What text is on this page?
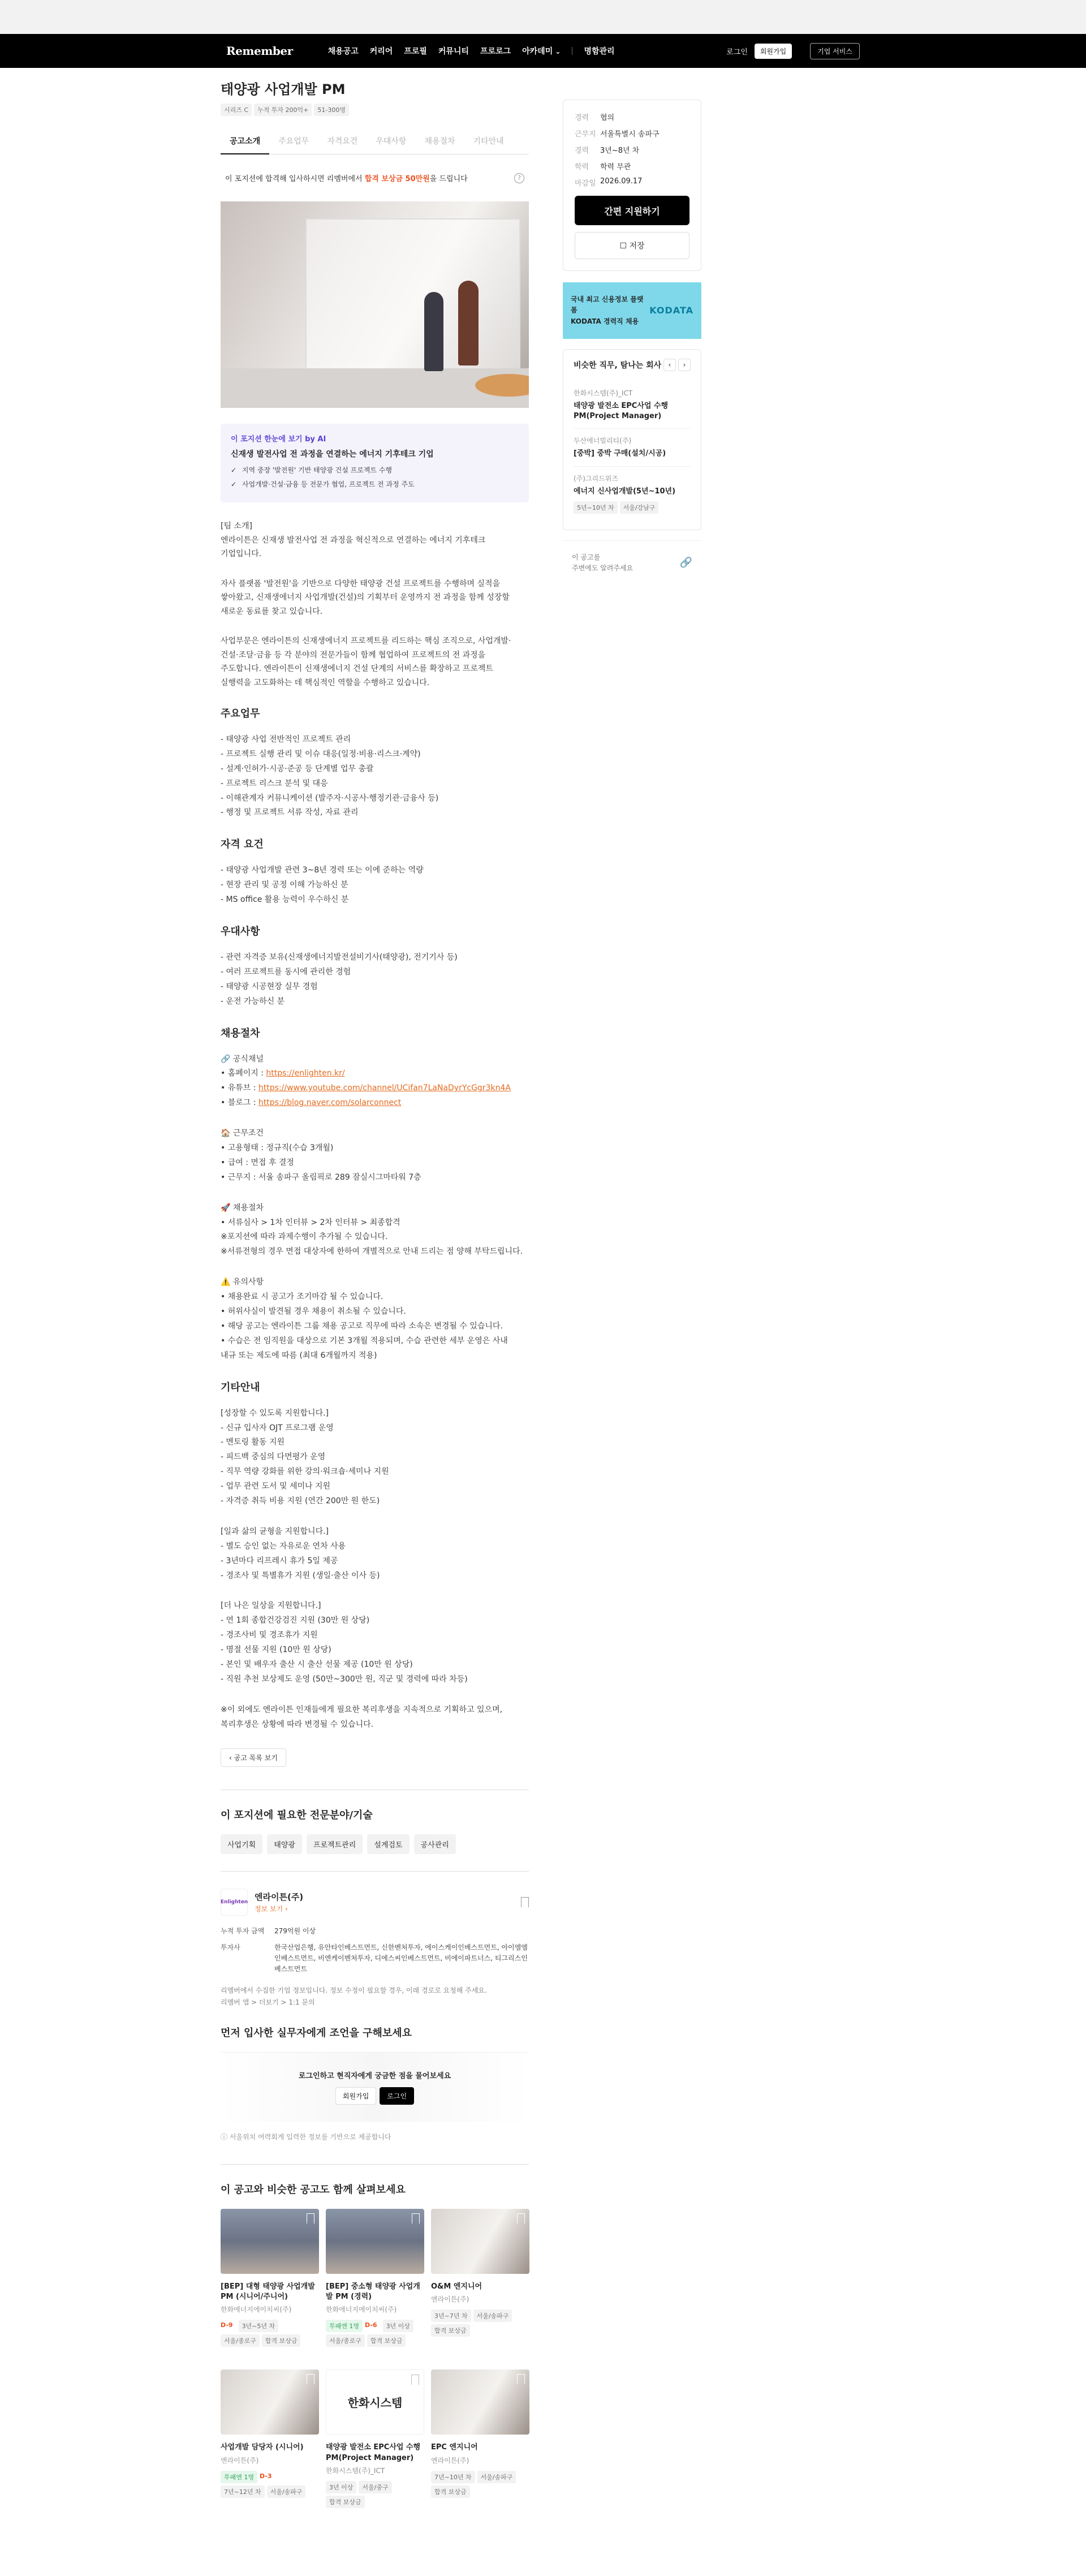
Remember	채용공고 커리어 프로필 커뮤니티 프로로그 아카데미 ⌄	명함관리	로그인	회원가입	기업 서비스
태양광 사업개발 PM
시리즈 C	누적 투자 200억+	51-300명
공고소개	주요업무	자격요건	우대사항	채용절차	기타안내
이 포지션에 합격해 입사하시면 리멤버에서 합격 보상금 50만원을 드립니다	?
이 포지션 한눈에 보기 by AI
신재생 발전사업 전 과정을 연결하는 에너지 기후테크 기업
✓ 지역 중장 '발전원' 기반 태양광 건설 프로젝트 수행
✓ 사업개발·건설·금융 등 전문가 협업, 프로젝트 전 과정 주도
[팀 소개]
엔라이튼은 신재생 발전사업 전 과정을 혁신적으로 연결하는 에너지 기후테크
기업입니다.
자사 플랫폼 '발전원'을 기반으로 다양한 태양광 건설 프로젝트를 수행하며 실적을
쌓아왔고, 신재생에너지 사업개발(건설)의 기획부터 운영까지 전 과정을 함께 성장할
새로운 동료를 찾고 있습니다.
사업부문은 엔라이튼의 신재생에너지 프로젝트를 리드하는 핵심 조직으로, 사업개발·
건설·조달·금융 등 각 분야의 전문가들이 함께 협업하여 프로젝트의 전 과정을
주도합니다. 엔라이튼이 신재생에너지 건설 단계의 서비스를 확장하고 프로젝트
실행력을 고도화하는 데 핵심적인 역할을 수행하고 있습니다.
주요업무
- 태양광 사업 전반적인 프로젝트 관리
- 프로젝트 실행 관리 및 이슈 대응(일정·비용·리스크·계약)
- 설계·인허가·시공·준공 등 단계별 업무 총괄
- 프로젝트 리스크 분석 및 대응
- 이해관계자 커뮤니케이션 (발주자·시공사·행정기관·금융사 등)
- 행정 및 프로젝트 서류 작성, 자료 관리
자격 요건
- 태양광 사업개발 관련 3~8년 경력 또는 이에 준하는 역량
- 현장 관리 및 공정 이해 가능하신 분
- MS office 활용 능력이 우수하신 분
우대사항
- 관련 자격증 보유(신재생에너지발전설비기사(태양광), 전기기사 등)
- 여러 프로젝트를 동시에 관리한 경험
- 태양광 시공현장 실무 경험
- 운전 가능하신 분
채용절차
🔗 공식채널
• 홈페이지 : https://enlighten.kr/
• 유튜브 : https://www.youtube.com/channel/UCifan7LaNaDyrYcGgr3kn4A
• 블로그 : https://blog.naver.com/solarconnect
🏠 근무조건
• 고용형태 : 정규직(수습 3개월)
• 급여 : 면접 후 결정
• 근무지 : 서울 송파구 올림픽로 289 잠실시그마타워 7층
🚀 채용절차
• 서류심사 > 1차 인터뷰 > 2차 인터뷰 > 최종합격
※포지션에 따라 과제수행이 추가될 수 있습니다.
※서류전형의 경우 면접 대상자에 한하여 개별적으로 안내 드리는 점 양해 부탁드립니다.
⚠️ 유의사항
• 채용완료 시 공고가 조기마감 될 수 있습니다.
• 허위사실이 발견될 경우 채용이 취소될 수 있습니다.
• 해당 공고는 엔라이튼 그룹 채용 공고로 직무에 따라 소속은 변경될 수 있습니다.
• 수습은 전 임직원을 대상으로 기본 3개월 적용되며, 수습 관련한 세부 운영은 사내
내규 또는 제도에 따름 (최대 6개월까지 적용)
기타안내
[성장할 수 있도록 지원합니다.]
- 신규 입사자 OJT 프로그램 운영
- 멘토링 활동 지원
- 피드백 중심의 다면평가 운영
- 직무 역량 강화를 위한 강의·워크숍·세미나 지원
- 업무 관련 도서 및 세미나 지원
- 자격증 취득 비용 지원 (연간 200만 원 한도)
[일과 삶의 균형을 지원합니다.]
- 별도 승인 없는 자유로운 연차 사용
- 3년마다 리프레시 휴가 5일 제공
- 경조사 및 특별휴가 지원 (생일·출산 이사 등)
[더 나은 일상을 지원합니다.]
- 연 1회 종합건강검진 지원 (30만 원 상당)
- 경조사비 및 경조휴가 지원
- 명절 선물 지원 (10만 원 상당)
- 본인 및 배우자 출산 시 출산 선물 제공 (10만 원 상당)
- 직원 추천 보상제도 운영 (50만~300만 원, 직군 및 경력에 따라 차등)
※이 외에도 엔라이튼 인재들에게 필요한 복리후생을 지속적으로 기획하고 있으며,
복리후생은 상황에 따라 변경될 수 있습니다.
‹ 공고 목록 보기
이 포지션에 필요한 전문분야/기술
사업기획	태양광	프로젝트관리	설계검토	공사관리
Enlighten 엔라이튼(주)
정보 보기 ›
누적 투자 금액	279억원 이상
투자사	한국산업은행, 유안타인베스트먼트, 신한벤처투자, 에이스케이인베스트먼트, 아이엠엠인베스트먼트, 비엔케이벤처투자, 디에스씨인베스트먼트, 비에이파트너스, 티그리스인베스트먼트
리멤버에서 수집한 기업 정보입니다. 정보 수정이 필요할 경우, 이래 경로로 요청해 주세요.
리멤버 앱 > 더보기 > 1:1 문의
먼저 입사한 실무자에게 조언을 구해보세요
로그인하고 현직자에게 궁금한 점을 물어보세요
회원가입	로그인
ⓘ 서울위치 여력회게 입력한 정보를 기반으로 제공합니다
이 공고와 비슷한 공고도 함께 살펴보세요
[BEP] 대형 태양광 사업개발 PM (시니어/주니어)
한화에너지에이치씨(주)
D-9	3년~5년 차
서울/종로구	합격 보상금
[BEP] 중소형 태양광 사업개발 PM (경력)
한화에너지에이치씨(주)
투패엔 1명 D-6	3년 이상
서울/종로구	합격 보상금
O&M 엔지니어
엔라이튼(주)
3년~7년 차	서울/송파구
합격 보상금
사업개발 담당자 (시니어)
엔라이튼(주)
투패엔 1명 D-3
7년~12년 차	서울/송파구
한화시스템
태양광 발전소 EPC사업 수행 PM(Project Manager)
한화시스템(주)_ICT
3년 이상	서울/중구
합격 보상금
EPC 엔지니어
엔라이튼(주)
7년~10년 차	서울/송파구
합격 보상금
경력	협의
근무지 서울특별시 송파구
경력	3년~8년 차
학력	학력 무관
마감일 2026.09.17
간편 지원하기
☐ 저장
국내 최고 신용정보 플랫폼
KODATA 경력직 채용
KODATA
비슷한 직무, 탐나는 회사	‹	›
한화시스템(주)_ICT
태양광 발전소 EPC사업 수행 PM(Project Manager)
두산에너빌리티(주)
[중박] 중박 구매(설치/시공)
(주)그리드위즈
에너지 신사업개발(5년~10년)
5년~10년 차	서울/강남구
이 공고를
주변에도 알려주세요	🔗
